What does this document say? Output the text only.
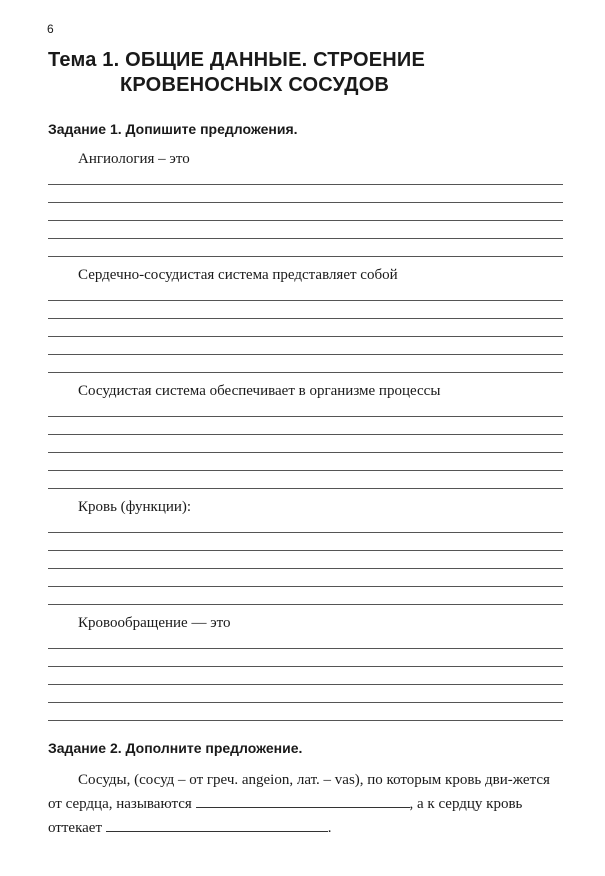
6
Тема 1. ОБЩИЕ ДАННЫЕ. СТРОЕНИЕ
КРОВЕНОСНЫХ СОСУДОВ
Задание 1. Допишите предложения.
Ангиология – это
Сердечно-сосудистая система представляет собой
Сосудистая система обеспечивает в организме процессы
Кровь (функции):
Кровообращение — это
Задание 2. Дополните предложение.
Сосуды, (сосуд – от греч. angeion, лат. – vas), по которым кровь дви-жется от сердца, называются	, а к сердцу кровь оттекает	.
